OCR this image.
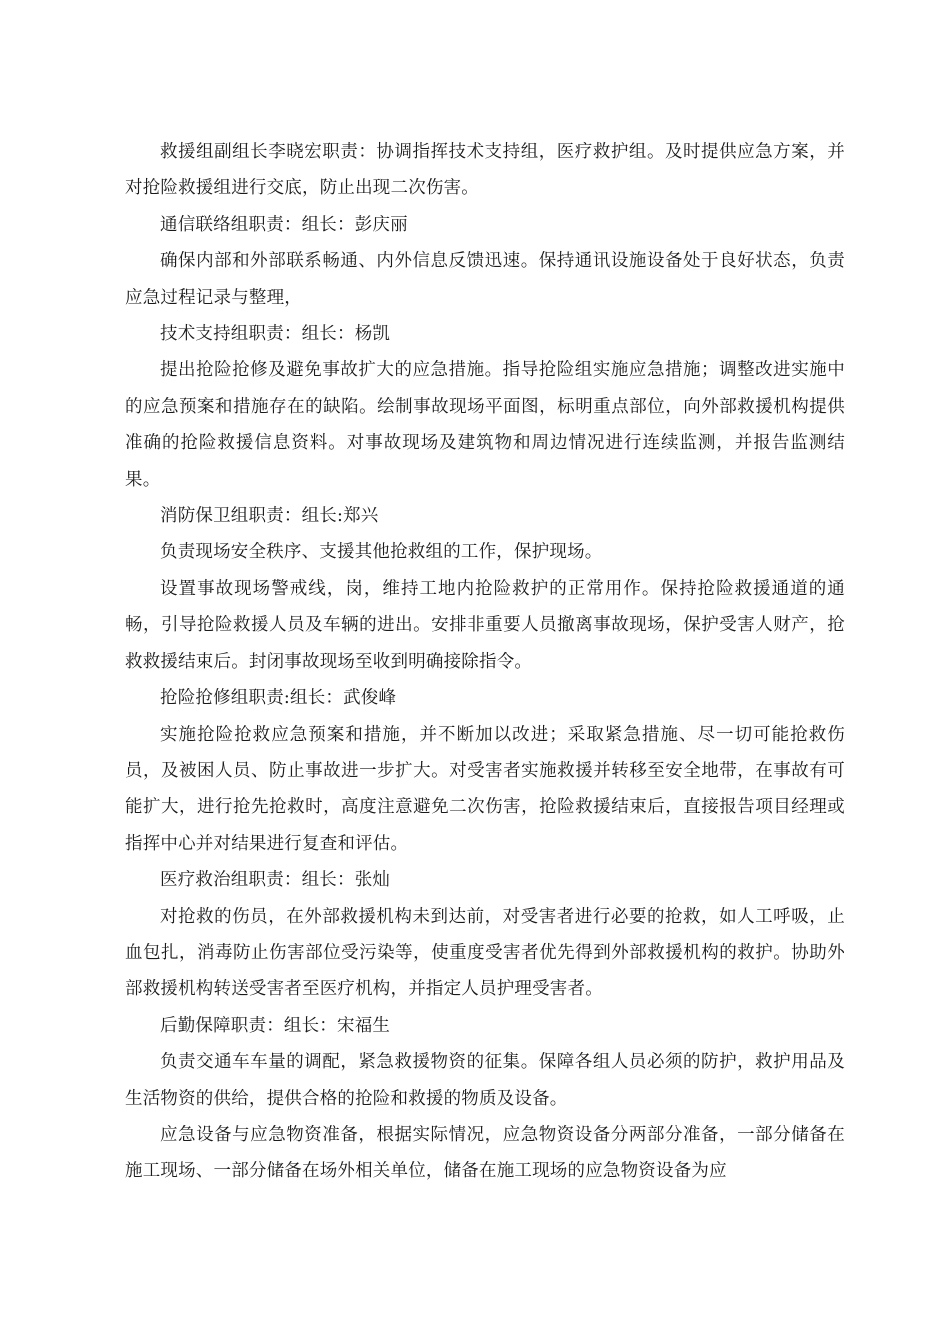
救援组副组长李晓宏职责：协调指挥技术支持组，医疗救护组。及时提供应急方案，并对抢险救援组进行交底，防止出现二次伤害。

通信联络组职责：组长：彭庆丽

确保内部和外部联系畅通、内外信息反馈迅速。保持通讯设施设备处于良好状态，负责应急过程记录与整理，

技术支持组职责：组长：杨凯

提出抢险抢修及避免事故扩大的应急措施。指导抢险组实施应急措施；调整改进实施中的应急预案和措施存在的缺陷。绘制事故现场平面图，标明重点部位，向外部救援机构提供准确的抢险救援信息资料。对事故现场及建筑物和周边情况进行连续监测，并报告监测结果。

消防保卫组职责：组长:郑兴

负责现场安全秩序、支援其他抢救组的工作，保护现场。

设置事故现场警戒线，岗，维持工地内抢险救护的正常用作。保持抢险救援通道的通畅，引导抢险救援人员及车辆的进出。安排非重要人员撤离事故现场，保护受害人财产，抢救救援结束后。封闭事故现场至收到明确接除指令。

抢险抢修组职责:组长：武俊峰

实施抢险抢救应急预案和措施，并不断加以改进；采取紧急措施、尽一切可能抢救伤员，及被困人员、防止事故进一步扩大。对受害者实施救援并转移至安全地带，在事故有可能扩大，进行抢先抢救时，高度注意避免二次伤害，抢险救援结束后，直接报告项目经理或指挥中心并对结果进行复查和评估。

医疗救治组职责：组长：张灿

对抢救的伤员，在外部救援机构未到达前，对受害者进行必要的抢救，如人工呼吸，止血包扎，消毒防止伤害部位受污染等，使重度受害者优先得到外部救援机构的救护。协助外部救援机构转送受害者至医疗机构，并指定人员护理受害者。

后勤保障职责：组长：宋福生

负责交通车车量的调配，紧急救援物资的征集。保障各组人员必须的防护，救护用品及生活物资的供给，提供合格的抢险和救援的物质及设备。

应急设备与应急物资准备，根据实际情况，应急物资设备分两部分准备，一部分储备在施工现场、一部分储备在场外相关单位，储备在施工现场的应急物资设备为应
